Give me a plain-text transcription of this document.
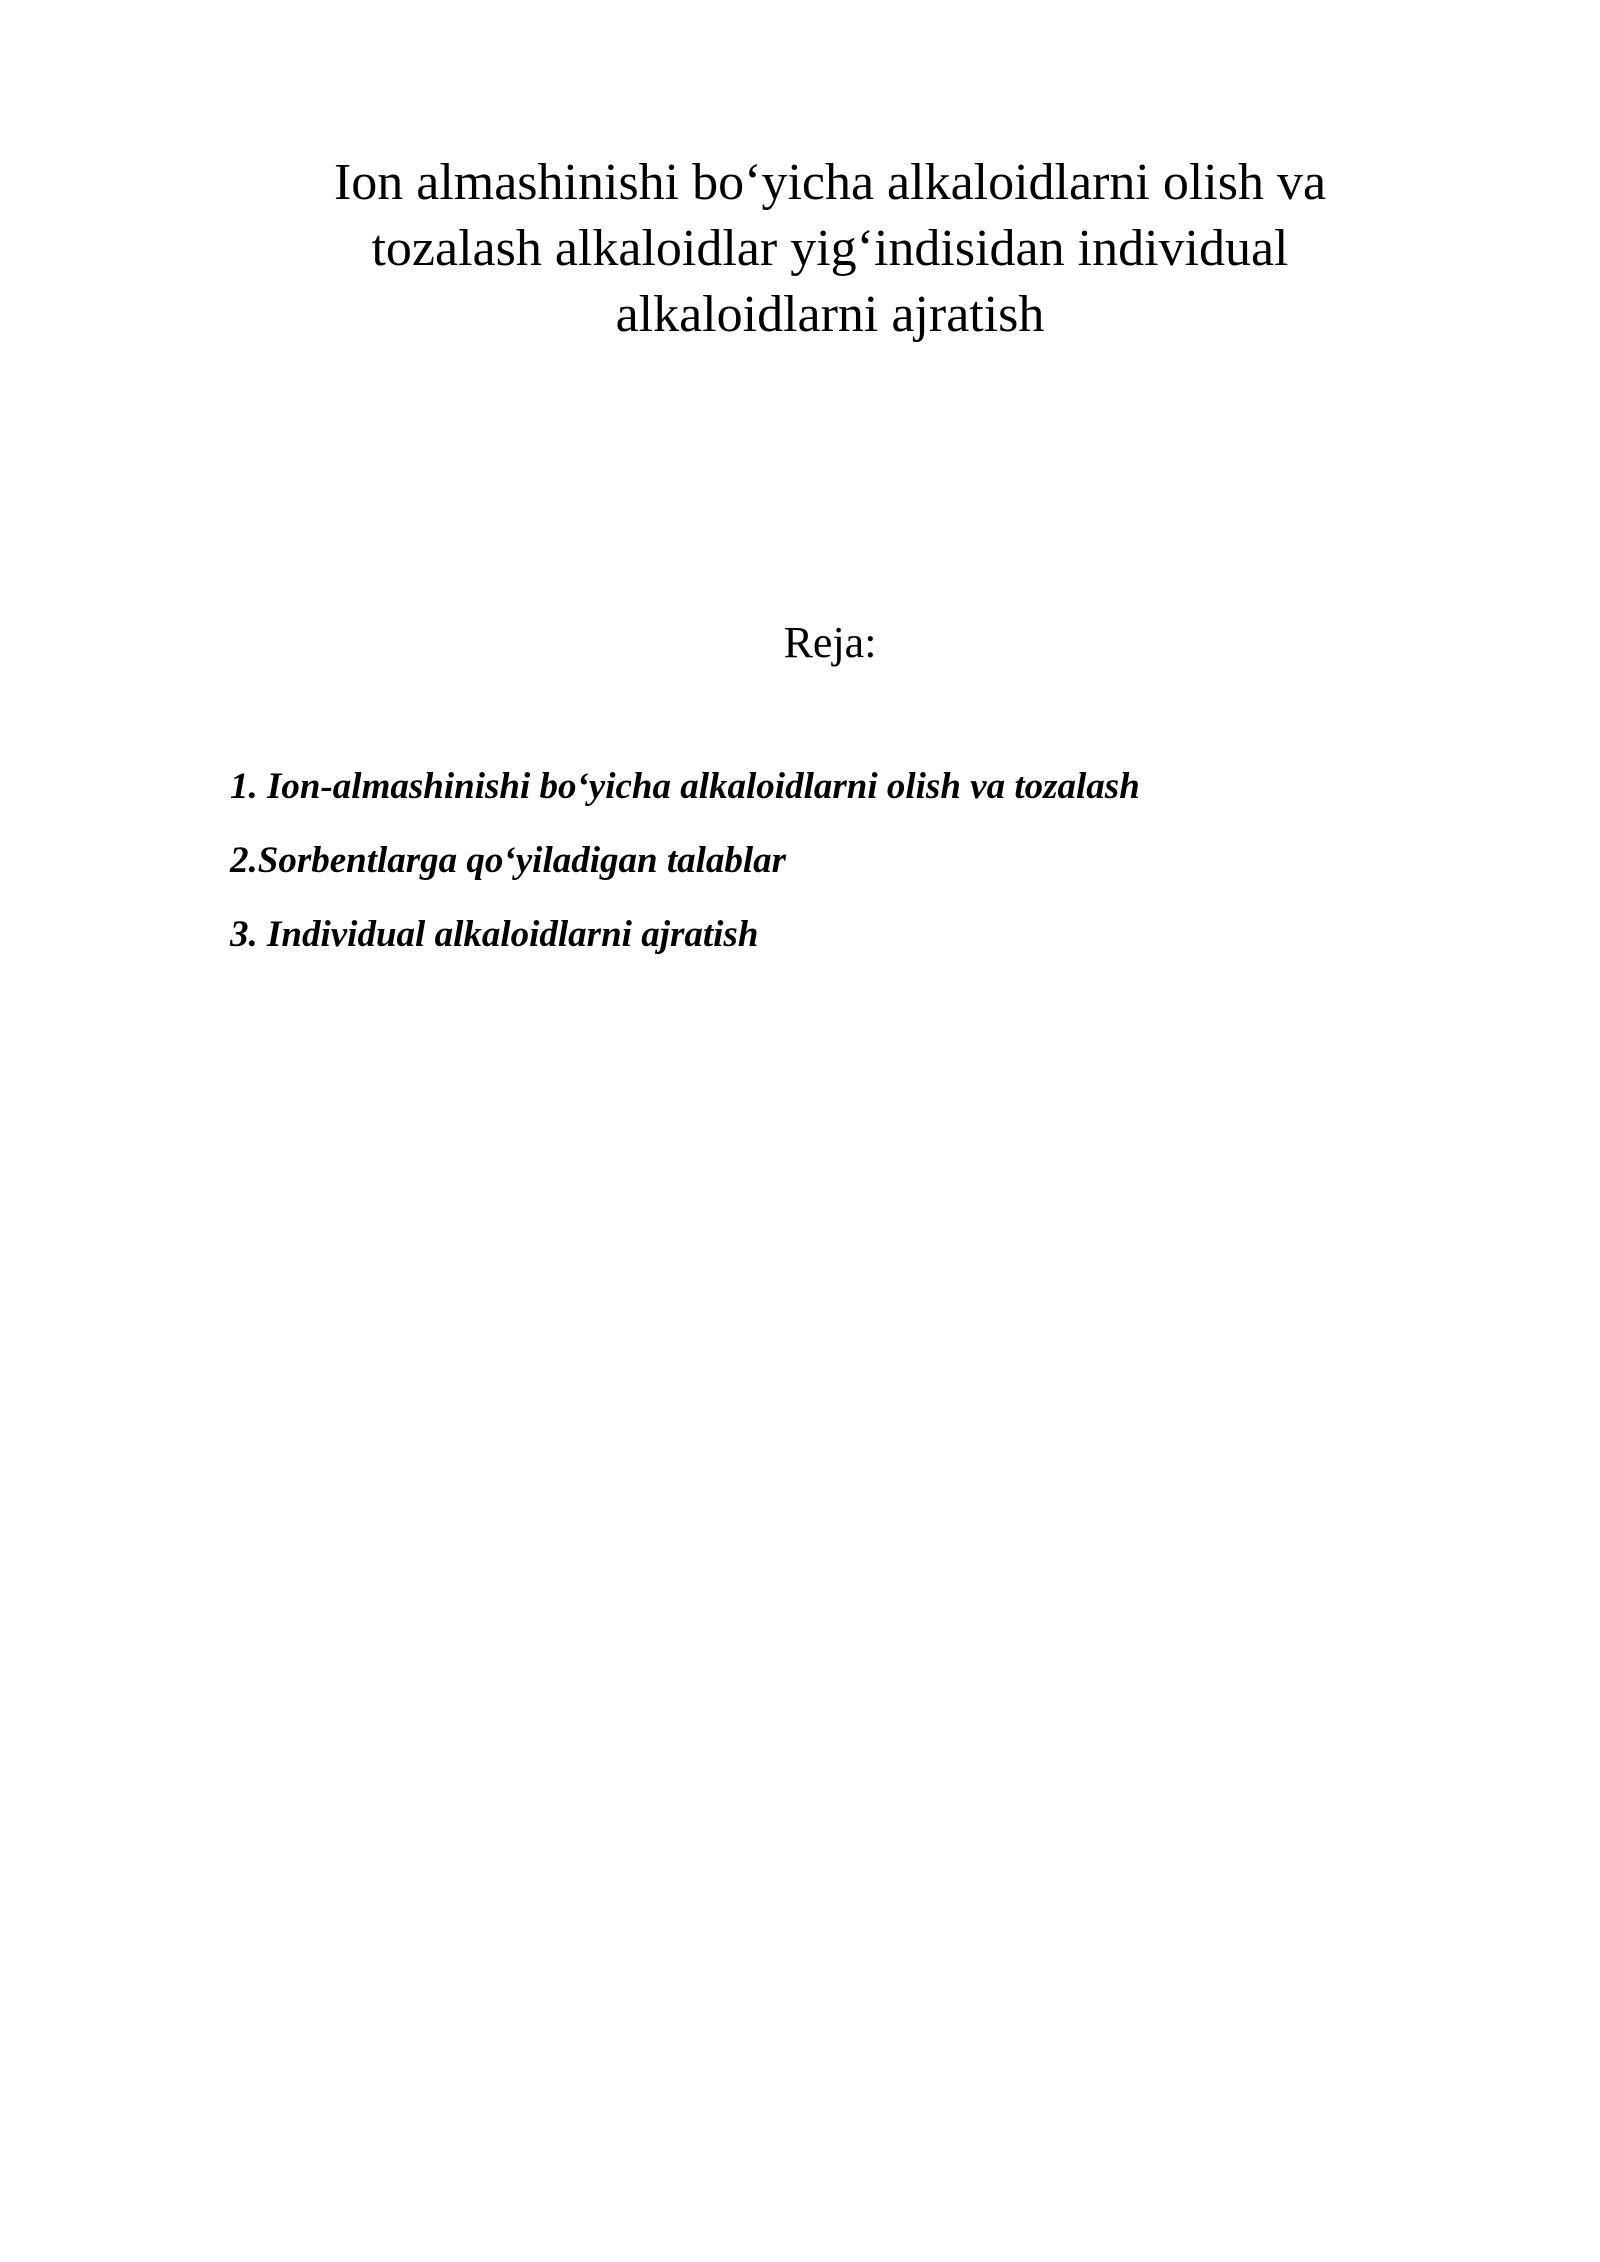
Ion almashinishi bo‘yicha alkaloidlarni olish va
tozalash alkaloidlar yig‘indisidan individual
alkaloidlarni ajratish

Reja:

1. Ion-almashinishi bo‘yicha alkaloidlarni olish va tozalash
2.Sorbentlarga qo‘yiladigan talablar
3. Individual alkaloidlarni ajratish
